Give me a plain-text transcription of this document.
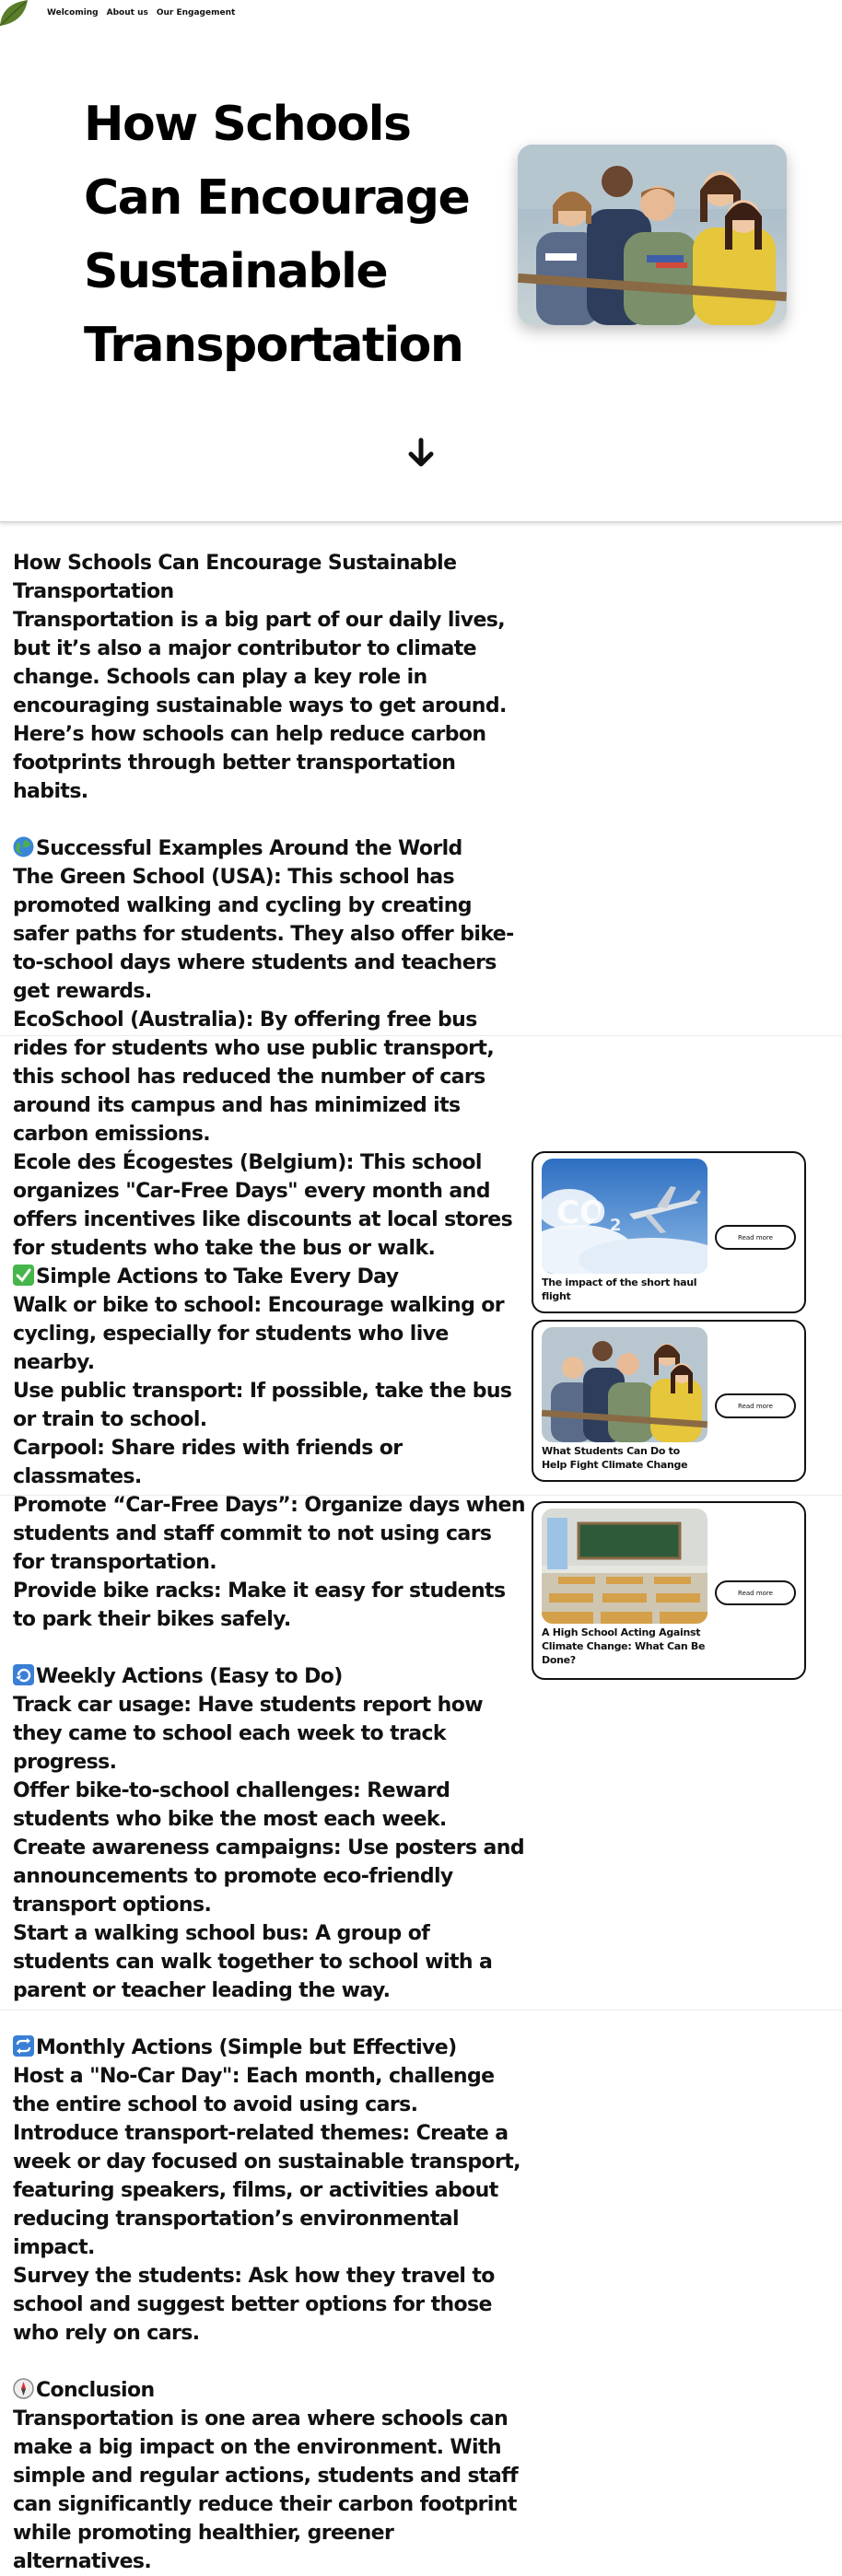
How Schools Can Encourage Sustainable Transportation
Welcoming About us Our Engagement

How Schools Can Encourage Sustainable Transportation

Transportation is a big part of our daily lives, but it’s also a major contributor to climate change. Schools can play a key role in encouraging sustainable ways to get around. Here’s how schools can help reduce carbon footprints through better transportation habits.

Successful Examples Around the World

The Green School (USA): This school has promoted walking and cycling by creating safer paths for students. They also offer bike-to-school days where students and teachers get rewards.

EcoSchool (Australia): By offering free bus rides for students who use public transport, this school has reduced the number of cars around its campus and has minimized its carbon emissions.

Ecole des Écogestes (Belgium): This school organizes "Car-Free Days" every month and offers incentives like discounts at local stores for students who take the bus or walk.

Simple Actions to Take Every Day

Walk or bike to school: Encourage walking or cycling, especially for students who live nearby.

Use public transport: If possible, take the bus or train to school.

Carpool: Share rides with friends or classmates.

Promote “Car-Free Days”: Organize days when students and staff commit to not using cars for transportation.

Provide bike racks: Make it easy for students to park their bikes safely.

Weekly Actions (Easy to Do)

Track car usage: Have students report how they came to school each week to track progress.

Offer bike-to-school challenges: Reward students who bike the most each week.

Create awareness campaigns: Use posters and announcements to promote eco-friendly transport options.

Start a walking school bus: A group of students can walk together to school with a parent or teacher leading the way.

Monthly Actions (Simple but Effective)

Host a "No-Car Day": Each month, challenge the entire school to avoid using cars.

Introduce transport-related themes: Create a week or day focused on sustainable transport, featuring speakers, films, or activities about reducing transportation’s environmental impact.

Survey the students: Ask how they travel to school and suggest better options for those who rely on cars.

Conclusion

Transportation is one area where schools can make a big impact on the environment. With simple and regular actions, students and staff can significantly reduce their carbon footprint while promoting healthier, greener alternatives.

CO 2
The impact of the short haul flight
Read more
What Students Can Do to Help Fight Climate Change
Read more
A High School Acting Against Climate Change: What Can Be Done?
Read more
